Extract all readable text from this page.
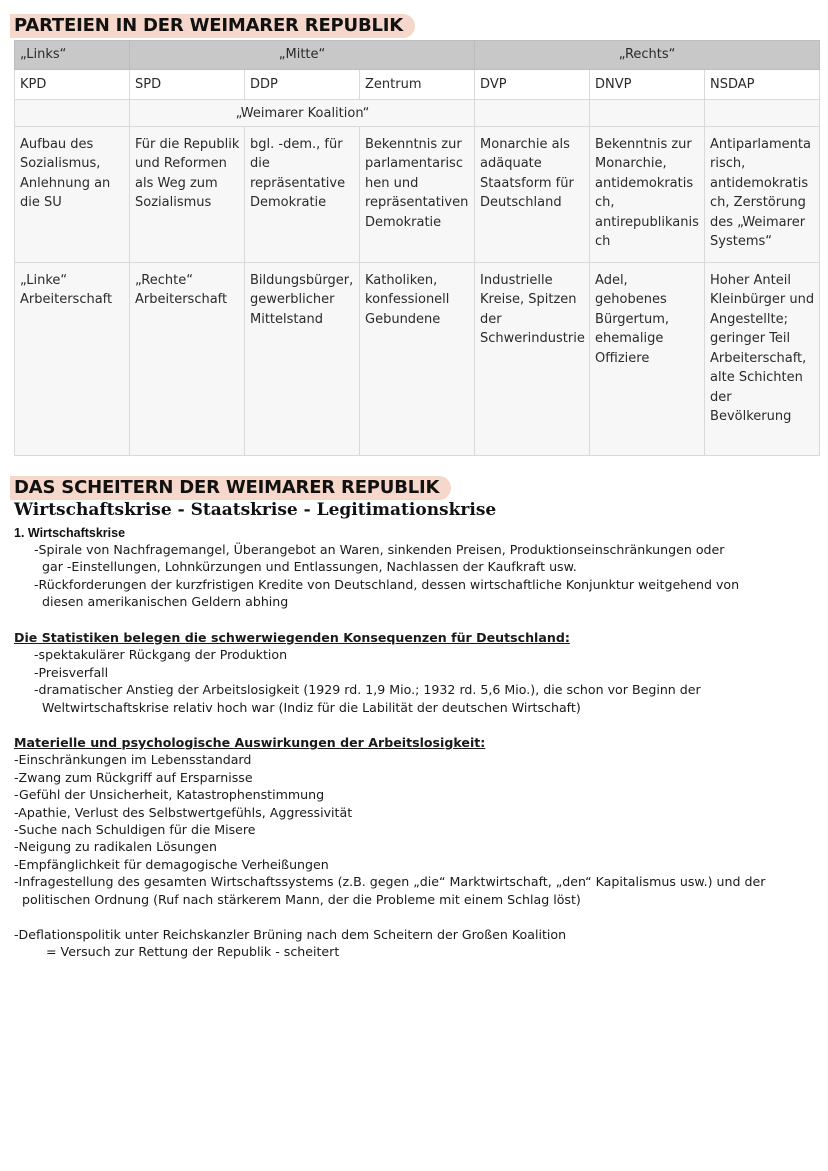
PARTEIEN IN DER WEIMARER REPUBLIK
„Links“	„Mitte“			„Rechts“		
KPD	SPD	DDP	Zentrum	DVP	DNVP	NSDAP
	„Weimarer Koalition“					
Aufbau des Sozialismus, Anlehnung an die SU	Für die Republik und Reformen als Weg zum Sozialismus	bgl. -dem., für die repräsentative Demokratie	Bekenntnis zur parlamentarischen und repräsentativen Demokratie	Monarchie als adäquate Staatsform für Deutschland	Bekenntnis zur Monarchie, antidemokratisch, antirepublikanisch	Antiparlamentarisch, antidemokratisch, Zerstörung des „Weimarer Systems“
„Linke“ Arbeiterschaft	„Rechte“ Arbeiterschaft	Bildungsbürger, gewerblicher Mittelstand	Katholiken, konfessionell Gebundene	Industrielle Kreise, Spitzen der Schwerindustrie	Adel, gehobenes Bürgertum, ehemalige Offiziere	Hoher Anteil Kleinbürger und Angestellte; geringer Teil Arbeiterschaft, alte Schichten der Bevölkerung
DAS SCHEITERN DER WEIMARER REPUBLIK
Wirtschaftskrise - Staatskrise - Legitimationskrise
1. Wirtschaftskrise
-Spirale von Nachfragemangel, Überangebot an Waren, sinkenden Preisen, Produktionseinschränkungen oder
gar -Einstellungen, Lohnkürzungen und Entlassungen, Nachlassen der Kaufkraft usw.
-Rückforderungen der kurzfristigen Kredite von Deutschland, dessen wirtschaftliche Konjunktur weitgehend von
diesen amerikanischen Geldern abhing
Die Statistiken belegen die schwerwiegenden Konsequenzen für Deutschland:
-spektakulärer Rückgang der Produktion
-Preisverfall
-dramatischer Anstieg der Arbeitslosigkeit (1929 rd. 1,9 Mio.; 1932 rd. 5,6 Mio.), die schon vor Beginn der
Weltwirtschaftskrise relativ hoch war (Indiz für die Labilität der deutschen Wirtschaft)
Materielle und psychologische Auswirkungen der Arbeitslosigkeit:
-Einschränkungen im Lebensstandard
-Zwang zum Rückgriff auf Ersparnisse
-Gefühl der Unsicherheit, Katastrophenstimmung
-Apathie, Verlust des Selbstwertgefühls, Aggressivität
-Suche nach Schuldigen für die Misere
-Neigung zu radikalen Lösungen
-Empfänglichkeit für demagogische Verheißungen
-Infragestellung des gesamten Wirtschaftssystems (z.B. gegen „die“ Marktwirtschaft, „den“ Kapitalismus usw.) und der
politischen Ordnung (Ruf nach stärkerem Mann, der die Probleme mit einem Schlag löst)
-Deflationspolitik unter Reichskanzler Brüning nach dem Scheitern der Großen Koalition
= Versuch zur Rettung der Republik - scheitert
